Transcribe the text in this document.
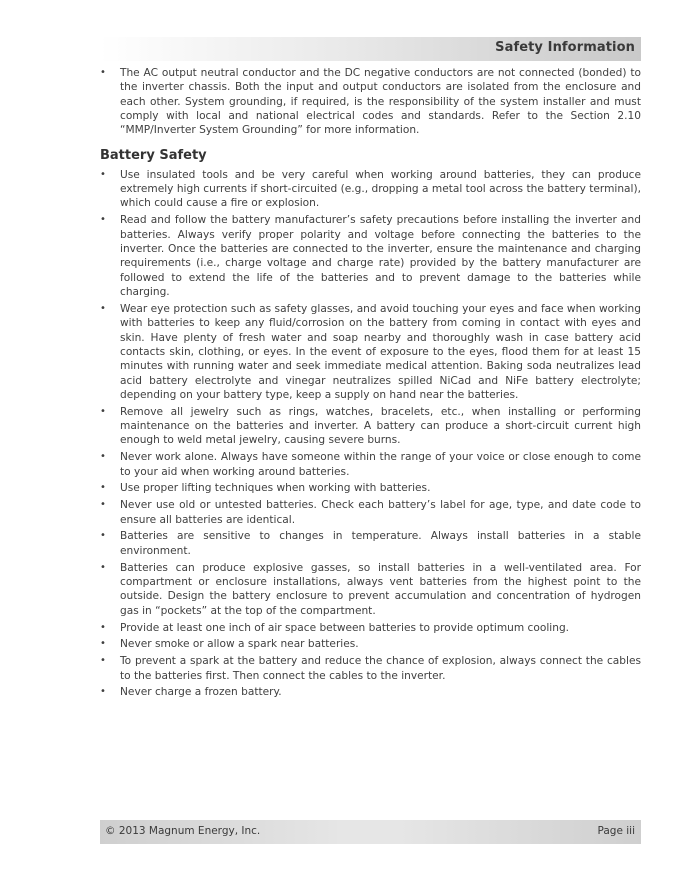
Safety Information
• The AC output neutral conductor and the DC negative conductors are not connected (bonded) to the inverter chassis. Both the input and output conductors are isolated from the enclosure and each other. System grounding, if required, is the responsibility of the system installer and must comply with local and national electrical codes and standards. Refer to the Section 2.10 “MMP/Inverter System Grounding” for more information.
Battery Safety
• Use insulated tools and be very careful when working around batteries, they can produce extremely high currents if short-circuited (e.g., dropping a metal tool across the battery terminal), which could cause a fire or explosion.
• Read and follow the battery manufacturer’s safety precautions before installing the inverter and batteries. Always verify proper polarity and voltage before connecting the batteries to the inverter. Once the batteries are connected to the inverter, ensure the maintenance and charging requirements (i.e., charge voltage and charge rate) provided by the battery manufacturer are followed to extend the life of the batteries and to prevent damage to the batteries while charging.
• Wear eye protection such as safety glasses, and avoid touching your eyes and face when working with batteries to keep any fluid/corrosion on the battery from coming in contact with eyes and skin. Have plenty of fresh water and soap nearby and thoroughly wash in case battery acid contacts skin, clothing, or eyes. In the event of exposure to the eyes, flood them for at least 15 minutes with running water and seek immediate medical attention. Baking soda neutralizes lead acid battery electrolyte and vinegar neutralizes spilled NiCad and NiFe battery electrolyte; depending on your battery type, keep a supply on hand near the batteries.
• Remove all jewelry such as rings, watches, bracelets, etc., when installing or performing maintenance on the batteries and inverter. A battery can produce a short-circuit current high enough to weld metal jewelry, causing severe burns.
• Never work alone. Always have someone within the range of your voice or close enough to come to your aid when working around batteries.
• Use proper lifting techniques when working with batteries.
• Never use old or untested batteries. Check each battery’s label for age, type, and date code to ensure all batteries are identical.
• Batteries are sensitive to changes in temperature. Always install batteries in a stable environment.
• Batteries can produce explosive gasses, so install batteries in a well-ventilated area. For compartment or enclosure installations, always vent batteries from the highest point to the outside. Design the battery enclosure to prevent accumulation and concentration of hydrogen gas in “pockets” at the top of the compartment.
• Provide at least one inch of air space between batteries to provide optimum cooling.
• Never smoke or allow a spark near batteries.
• To prevent a spark at the battery and reduce the chance of explosion, always connect the cables to the batteries first. Then connect the cables to the inverter.
• Never charge a frozen battery.
© 2013 Magnum Energy, Inc.	Page iii
